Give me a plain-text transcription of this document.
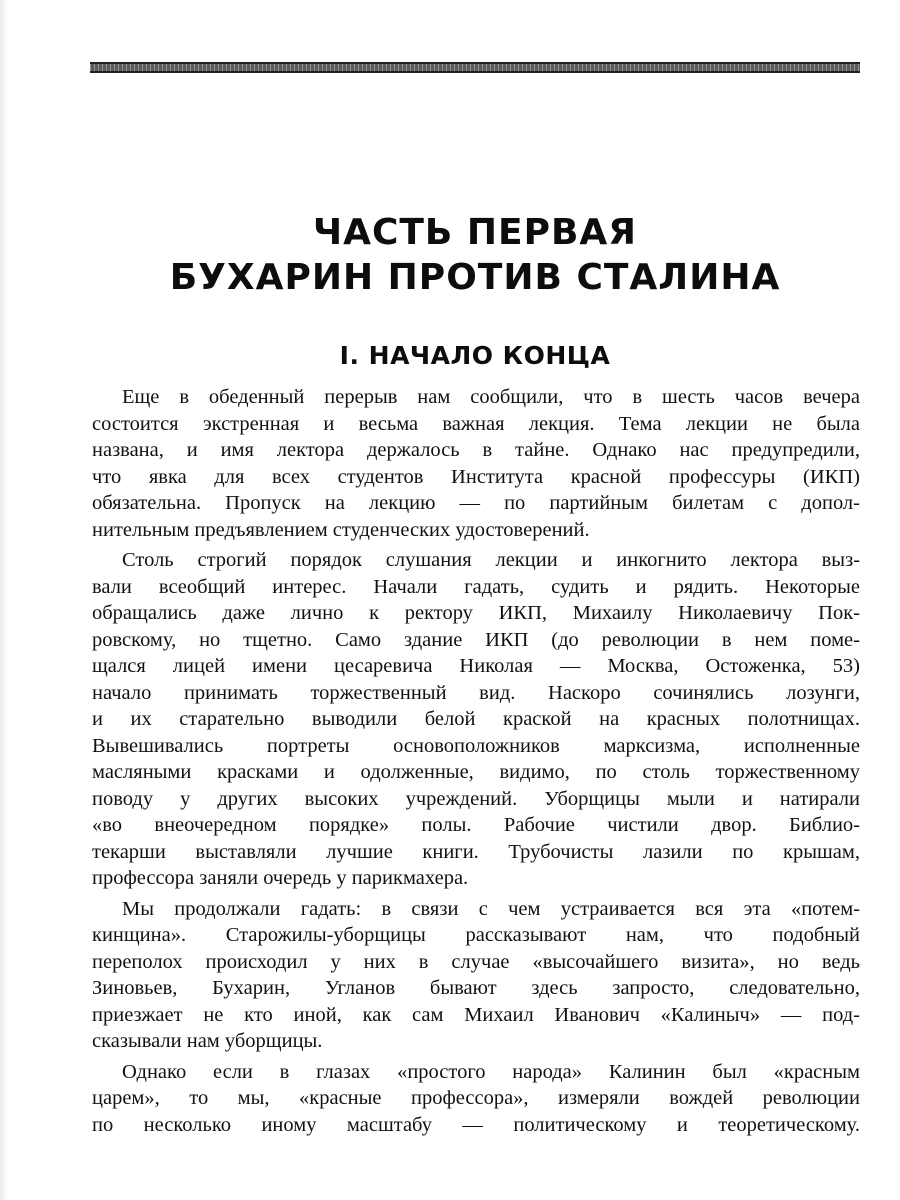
ЧАСТЬ ПЕРВАЯ
БУХАРИН ПРОТИВ СТАЛИНА
I. НАЧАЛО КОНЦА

Еще в обеденный перерыв нам сообщили, что в шесть часов вечера
состоится экстренная и весьма важная лекция. Тема лекции не была
названа, и имя лектора держалось в тайне. Однако нас предупредили,
что явка для всех студентов Института красной профессуры (ИКП)
обязательна. Пропуск на лекцию — по партийным билетам с допол-
нительным предъявлением студенческих удостоверений.

Столь строгий порядок слушания лекции и инкогнито лектора выз-
вали всеобщий интерес. Начали гадать, судить и рядить. Некоторые
обращались даже лично к ректору ИКП, Михаилу Николаевичу Пок-
ровскому, но тщетно. Само здание ИКП (до революции в нем поме-
щался лицей имени цесаревича Николая — Москва, Остоженка, 53)
начало принимать торжественный вид. Наскоро сочинялись лозунги,
и их старательно выводили белой краской на красных полотнищах.
Вывешивались портреты основоположников марксизма, исполненные
масляными красками и одолженные, видимо, по столь торжественному
поводу у других высоких учреждений. Уборщицы мыли и натирали
«во внеочередном порядке» полы. Рабочие чистили двор. Библио-
текарши выставляли лучшие книги. Трубочисты лазили по крышам,
профессора заняли очередь у парикмахера.

Мы продолжали гадать: в связи с чем устраивается вся эта «потем-
кинщина». Старожилы-уборщицы рассказывают нам, что подобный
переполох происходил у них в случае «высочайшего визита», но ведь
Зиновьев, Бухарин, Угланов бывают здесь запросто, следовательно,
приезжает не кто иной, как сам Михаил Иванович «Калиныч» — под-
сказывали нам уборщицы.

Однако если в глазах «простого народа» Калинин был «красным
царем», то мы, «красные профессора», измеряли вождей революции
по несколько иному масштабу — политическому и теоретическому.
